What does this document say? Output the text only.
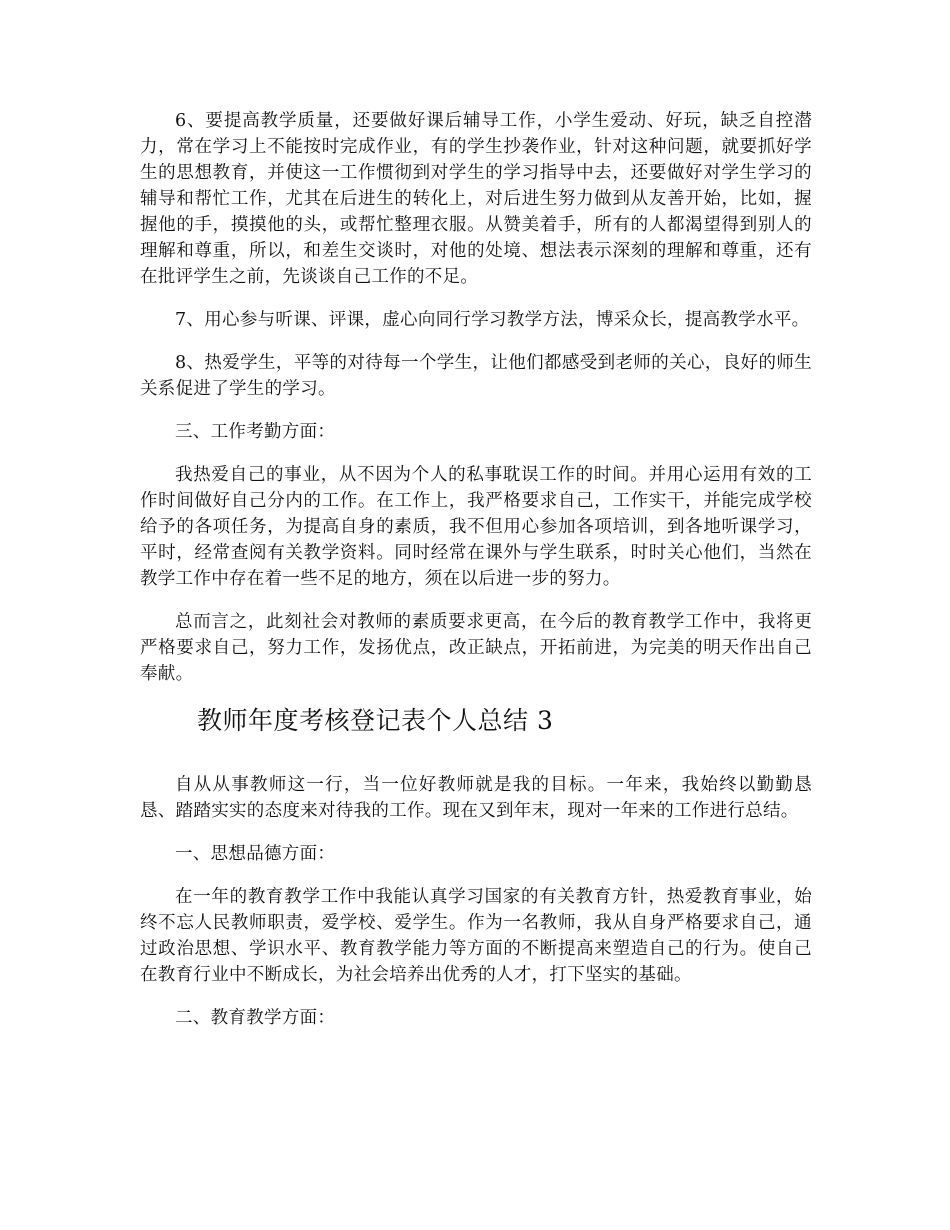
6、要提高教学质量，还要做好课后辅导工作，小学生爱动、好玩，缺乏自控潜力，常在学习上不能按时完成作业，有的学生抄袭作业，针对这种问题，就要抓好学生的思想教育，并使这一工作惯彻到对学生的学习指导中去，还要做好对学生学习的辅导和帮忙工作，尤其在后进生的转化上，对后进生努力做到从友善开始，比如，握握他的手，摸摸他的头，或帮忙整理衣服。从赞美着手，所有的人都渴望得到别人的理解和尊重，所以，和差生交谈时，对他的处境、想法表示深刻的理解和尊重，还有在批评学生之前，先谈谈自己工作的不足。

7、用心参与听课、评课，虚心向同行学习教学方法，博采众长，提高教学水平。

8、热爱学生，平等的对待每一个学生，让他们都感受到老师的关心，良好的师生关系促进了学生的学习。

三、工作考勤方面：

我热爱自己的事业，从不因为个人的私事耽误工作的时间。并用心运用有效的工作时间做好自己分内的工作。在工作上，我严格要求自己，工作实干，并能完成学校给予的各项任务，为提高自身的素质，我不但用心参加各项培训，到各地听课学习，平时，经常查阅有关教学资料。同时经常在课外与学生联系，时时关心他们，当然在教学工作中存在着一些不足的地方，须在以后进一步的努力。

总而言之，此刻社会对教师的素质要求更高，在今后的教育教学工作中，我将更严格要求自己，努力工作，发扬优点，改正缺点，开拓前进，为完美的明天作出自己奉献。

教师年度考核登记表个人总结 3

自从从事教师这一行，当一位好教师就是我的目标。一年来，我始终以勤勤恳恳、踏踏实实的态度来对待我的工作。现在又到年末，现对一年来的工作进行总结。

一、思想品德方面：

在一年的教育教学工作中我能认真学习国家的有关教育方针，热爱教育事业，始终不忘人民教师职责，爱学校、爱学生。作为一名教师，我从自身严格要求自己，通过政治思想、学识水平、教育教学能力等方面的不断提高来塑造自己的行为。使自己在教育行业中不断成长，为社会培养出优秀的人才，打下坚实的基础。

二、教育教学方面：
